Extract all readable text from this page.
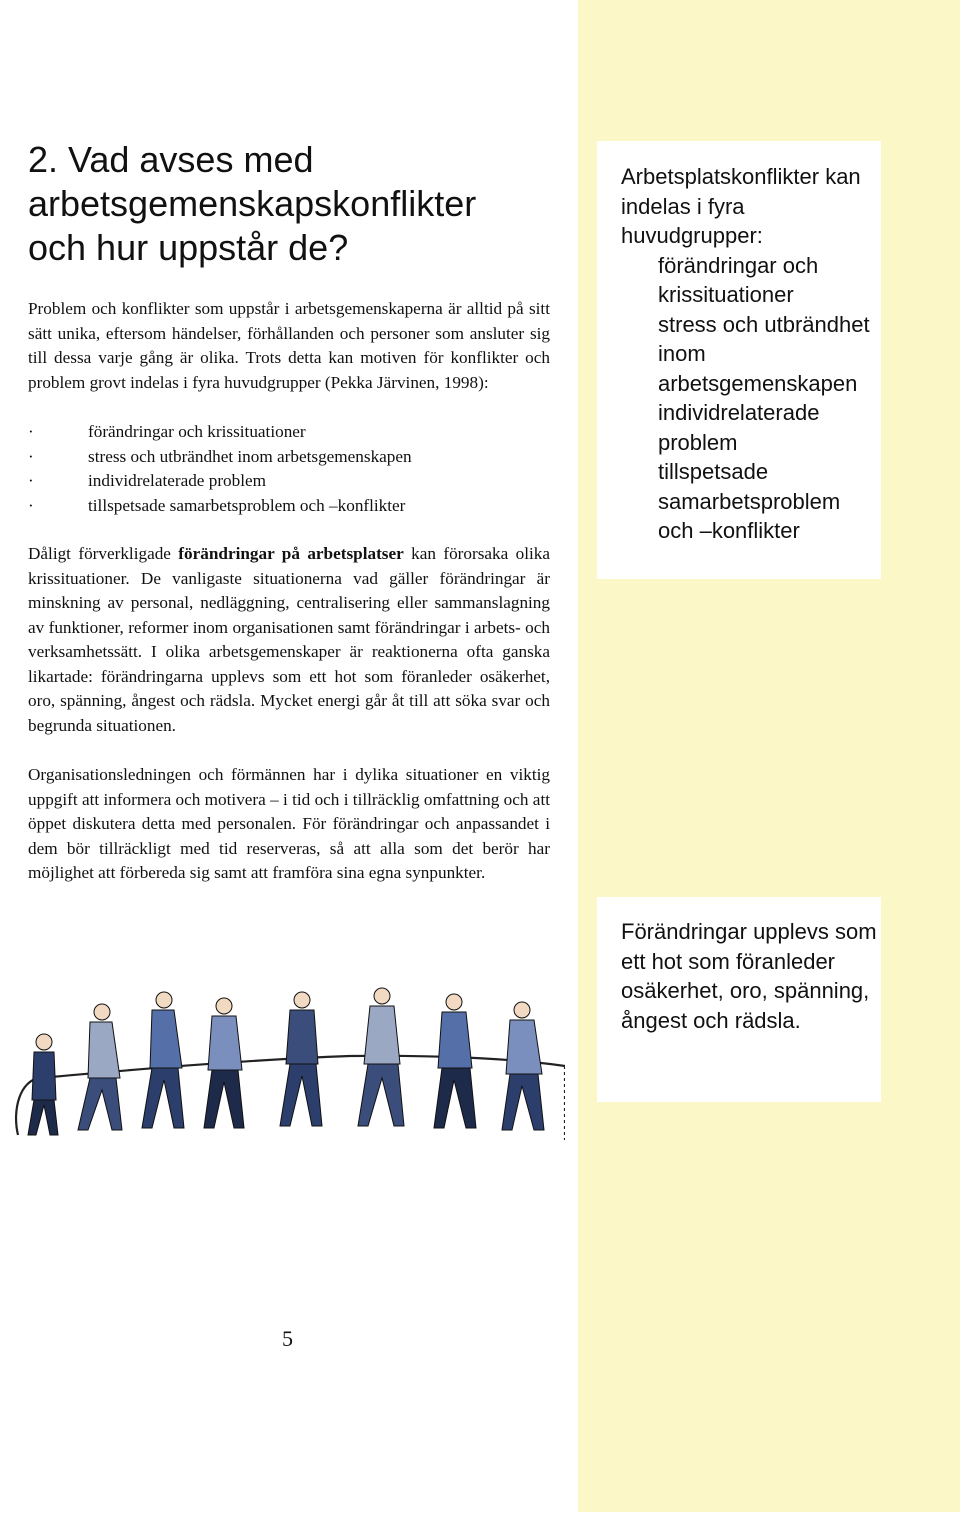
2. Vad avses med
arbetsgemenskapskonflikter
och hur uppstår de?

Problem och konflikter som uppstår i arbetsgemenskaperna är alltid på sitt sätt unika, eftersom händelser, förhållanden och personer som ansluter sig till dessa varje gång är olika. Trots detta kan motiven för konflikter och problem grovt indelas i fyra huvudgrupper (Pekka Järvinen, 1998):

·	förändringar och krissituationer
·	stress och utbrändhet inom arbetsgemenskapen
·	individrelaterade problem
·	tillspetsade samarbetsproblem och –konflikter

Dåligt förverkligade förändringar på arbetsplatser kan förorsaka olika krissituationer. De vanligaste situationerna vad gäller förändringar är minskning av personal, nedläggning, centralisering eller sammanslagning av funktioner, reformer inom organisationen samt förändringar i arbets- och verksamhetssätt. I olika arbetsgemenskaper är reaktionerna ofta ganska likartade: förändringarna upplevs som ett hot som föranleder osäkerhet, oro, spänning, ångest och rädsla. Mycket energi går åt till att söka svar och begrunda situationen.

Organisationsledningen och förmännen har i dylika situationer en viktig uppgift att informera och motivera – i tid och i tillräcklig omfattning och att öppet diskutera detta med personalen. För förändringar och anpassandet i dem bör tillräckligt med tid reserveras, så att alla som det berör har möjlighet att förbereda sig samt att framföra sina egna synpunkter.

5
Arbetsplatskonflikter kan indelas i fyra huvudgrupper:
förändringar och krissituationer
stress och utbrändhet inom arbetsgemenskapen
individrelaterade problem
tillspetsade samarbetsproblem och –konflikter
Förändringar upplevs som ett hot som föranleder osäkerhet, oro, spänning, ångest och rädsla.
